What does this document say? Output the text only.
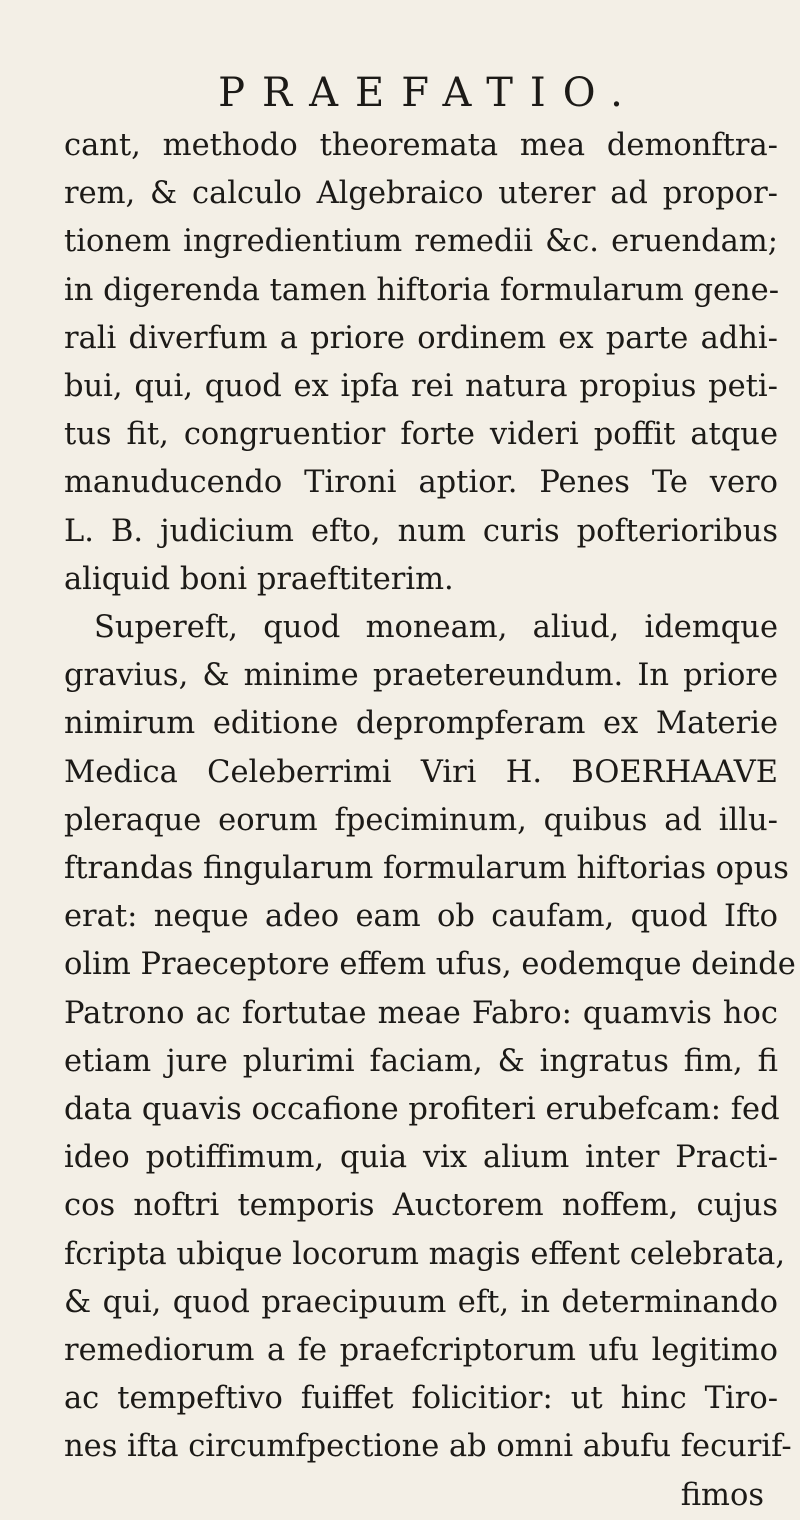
PRAEFATIO.
cant, methodo theoremata mea demonftra-
rem, & calculo Algebraico uterer ad propor-
tionem ingredientium remedii &c. eruendam;
in digerenda tamen hiftoria formularum gene-
rali diverfum a priore ordinem ex parte adhi-
bui, qui, quod ex ipfa rei natura propius peti-
tus fit, congruentior forte videri poffit atque
manuducendo Tironi aptior. Penes Te vero
L. B. judicium efto, num curis pofterioribus
aliquid boni praeftiterim.
Supereft, quod moneam, aliud, idemque
gravius, & minime praetereundum. In priore
nimirum editione deprompferam ex Materie
Medica Celeberrimi Viri H. BOERHAAVE
pleraque eorum fpeciminum, quibus ad illu-
ftrandas fingularum formularum hiftorias opus
erat: neque adeo eam ob caufam, quod Ifto
olim Praeceptore effem ufus, eodemque deinde
Patrono ac fortutae meae Fabro: quamvis hoc
etiam jure plurimi faciam, & ingratus fim, fi
data quavis occafione profiteri erubefcam: fed
ideo potiffimum, quia vix alium inter Practi-
cos noftri temporis Auctorem noffem, cujus
fcripta ubique locorum magis effent celebrata,
& qui, quod praecipuum eft, in determinando
remediorum a fe praefcriptorum ufu legitimo
ac tempeftivo fuiffet folicitior: ut hinc Tiro-
nes ifta circumfpectione ab omni abufu fecurif-
fimos
